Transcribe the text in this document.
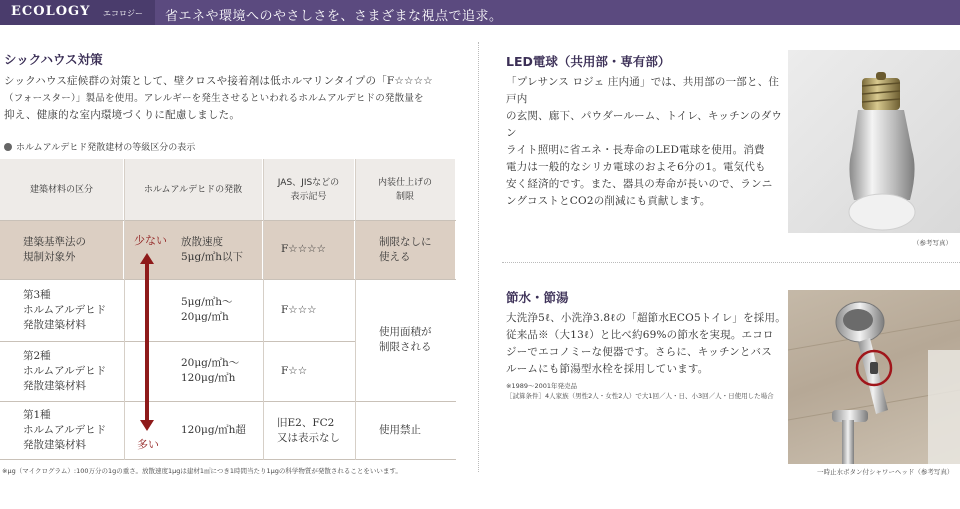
ECOLOGY エコロジー 省エネや環境へのやさしさを、さまざまな視点で追求。
シックハウス対策
シックハウス症候群の対策として、壁クロスや接着剤は低ホルマリンタイプの「F☆☆☆☆
（フォースター）」製品を使用。アレルギーを発生させるといわれるホルムアルデヒドの発散量を
抑え、健康的な室内環境づくりに配慮しました。
ホルムアルデヒド発散建材の等級区分の表示
建築材料の区分	ホルムアルデヒドの発散
JAS、JISなどの
表示記号
内装仕上げの
制限
建築基準法の
規制対象外
放散速度
5μg/㎡h以下
F☆☆☆☆
制限なしに
使える
第3種
ホルムアルデヒド
発散建築材料
5μg/㎡h～
20μg/㎡h
F☆☆☆
第2種
ホルムアルデヒド
発散建築材料
20μg/㎡h～
120μg/㎡h
F☆☆
使用面積が
制限される
第1種
ホルムアルデヒド
発散建築材料
120μg/㎡h超
旧E2、FC2
又は表示なし
使用禁止
少ない
多い
※μg（マイクログラム）:100万分の1gの重さ。放散速度1μgは建材1㎡につき1時間当たり1μgの科学物質が発散されることをいいます。
LED電球（共用部・専有部）
「プレサンス ロジェ 庄内通」では、共用部の一部と、住戸内
の玄関、廊下、パウダールーム、トイレ、キッチンのダウン
ライト照明に省エネ・長寿命のLED電球を使用。消費
電力は一般的なシリカ電球のおよそ6分の1。電気代も
安く経済的です。また、器具の寿命が長いので、ランニ
ングコストとCO2の削減にも貢献します。
（参考写真）
節水・節湯
大洗浄5ℓ、小洗浄3.8ℓの「超節水ECO5トイレ」を採用。
従来品※（大13ℓ）と比べ約69%の節水を実現。エコロ
ジーでエコノミーな便器です。さらに、キッチンとバス
ルームにも節湯型水栓を採用しています。
※1989～2001年発売品
［試算条件］4人家族（男性2人・女性2人）で大1回／人・日、小3回／人・日使用した場合
一時止水ボタン付シャワーヘッド（参考写真）
